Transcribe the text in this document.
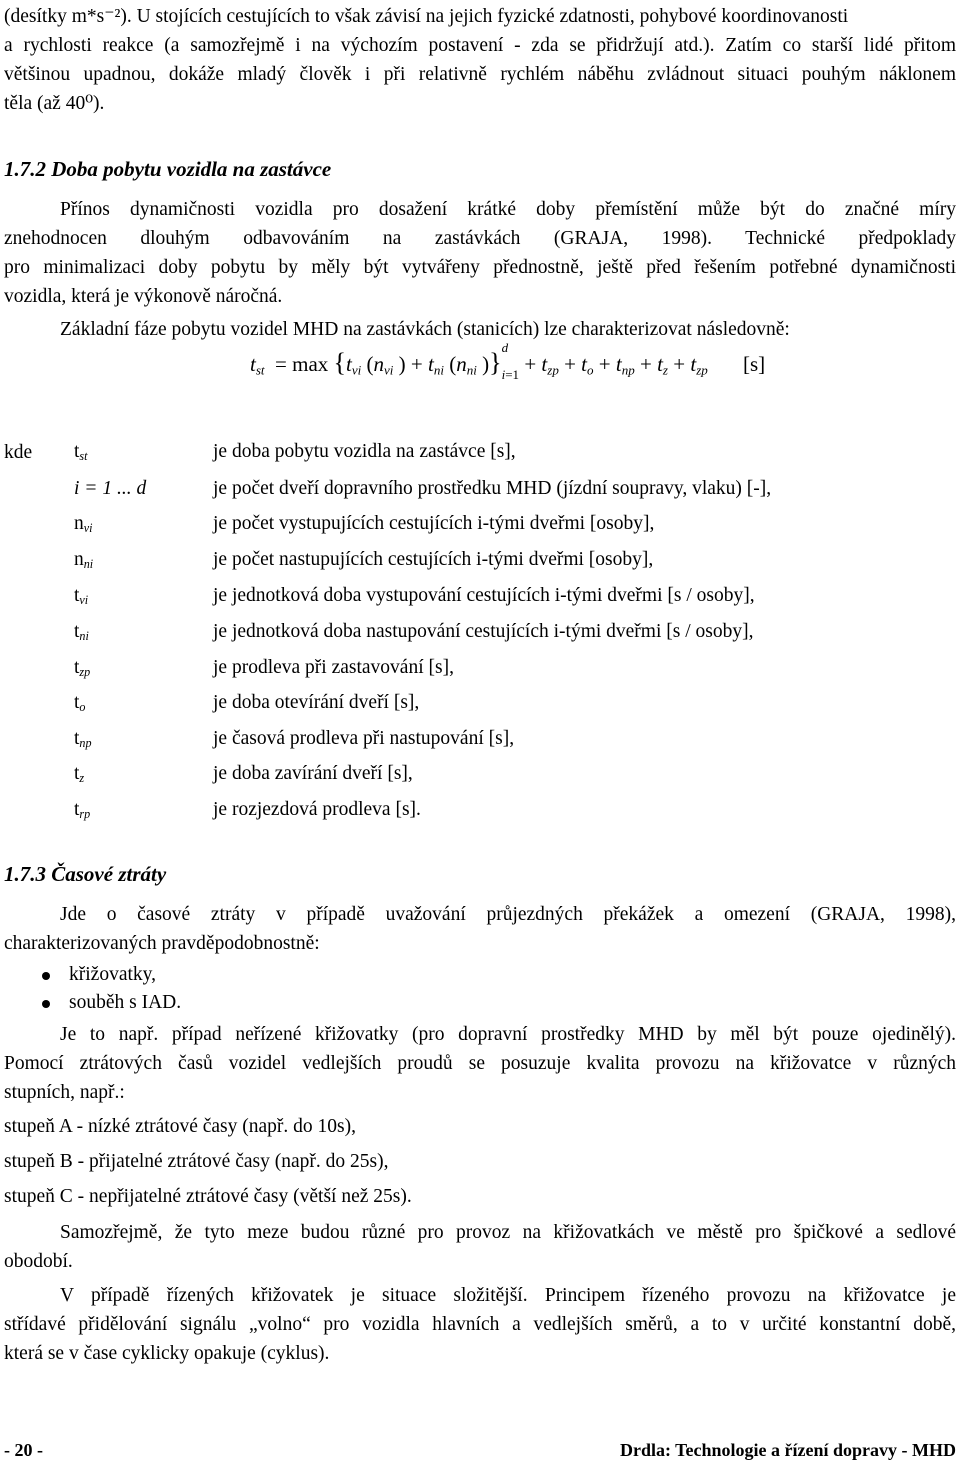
(desítky m*s⁻²). U stojících cestujících to však závisí na jejich fyzické zdatnosti, pohybové koordinovanosti
a rychlosti reakce (a samozřejmě i na výchozím postavení - zda se přidržují atd.). Zatím co starší lidé přitom
většinou upadnou, dokáže mladý člověk i při relativně rychlém náběhu zvládnout situaci pouhým náklonem
těla (až 40⁰).
1.7.2 Doba pobytu vozidla na zastávce
Přínos dynamičnosti vozidla pro dosažení krátké doby přemístění může být do značné míry
znehodnocen dlouhým odbavováním na zastávkách (GRAJA, 1998). Technické předpoklady
pro minimalizaci doby pobytu by měly být vytvářeny přednostně, ještě před řešením potřebné dynamičnosti
vozidla, která je výkonově náročná.
Základní fáze pobytu vozidel MHD na zastávkách (stanicích) lze charakterizovat následovně:
$t_{st} = \max \{t_{vi}$ ($n_{vi}$ ) + $t_{ni}$ ($n_{ni}$ )}
d
$_{i=1} + t_{zp} + t_o + t_{np} + t_z + t_{zp}$ [s]
kde $t_{st}$	je doba pobytu vozidla na zastávce [s],
i = 1 ... d	je počet dveří dopravního prostředku MHD (jízdní soupravy, vlaku) [-],
$n_{vi}$	je počet vystupujících cestujících i-tými dveřmi [osoby],
$n_{ni}$	je počet nastupujících cestujících i-tými dveřmi [osoby],
$t_{vi}$	je jednotková doba vystupování cestujících i-tými dveřmi [s / osoby],
$t_{ni}$	je jednotková doba nastupování cestujících i-tými dveřmi [s / osoby],
$t_{zp}$	je prodleva při zastavování [s],
$t_o$	je doba otevírání dveří [s],
$t_{np}$	je časová prodleva při nastupování [s],
$t_z$	je doba zavírání dveří [s],
$t_{rp}$	je rozjezdová prodleva [s].
1.7.3 Časové ztráty
Jde o časové ztráty v případě uvažování průjezdných překážek a omezení (GRAJA, 1998),
charakterizovaných pravděpodobnostně:
křižovatky,
souběh s IAD.
Je to např. případ neřízené křižovatky (pro dopravní prostředky MHD by měl být pouze ojedinělý).
Pomocí ztrátových časů vozidel vedlejších proudů se posuzuje kvalita provozu na křižovatce v různých
stupních, např.:
stupeň A - nízké ztrátové časy (např. do 10s),
stupeň B - přijatelné ztrátové časy (např. do 25s),
stupeň C - nepřijatelné ztrátové časy (větší než 25s).
Samozřejmě, že tyto meze budou různé pro provoz na křižovatkách ve městě pro špičkové a sedlové
obodobí.
V případě řízených křižovatek je situace složitější. Principem řízeného provozu na křižovatce je
střídavé přidělování signálu „volno“ pro vozidla hlavních a vedlejších směrů, a to v určité konstantní době,
která se v čase cyklicky opakuje (cyklus).
- 20 -	Drdla: Technologie a řízení dopravy - MHD
